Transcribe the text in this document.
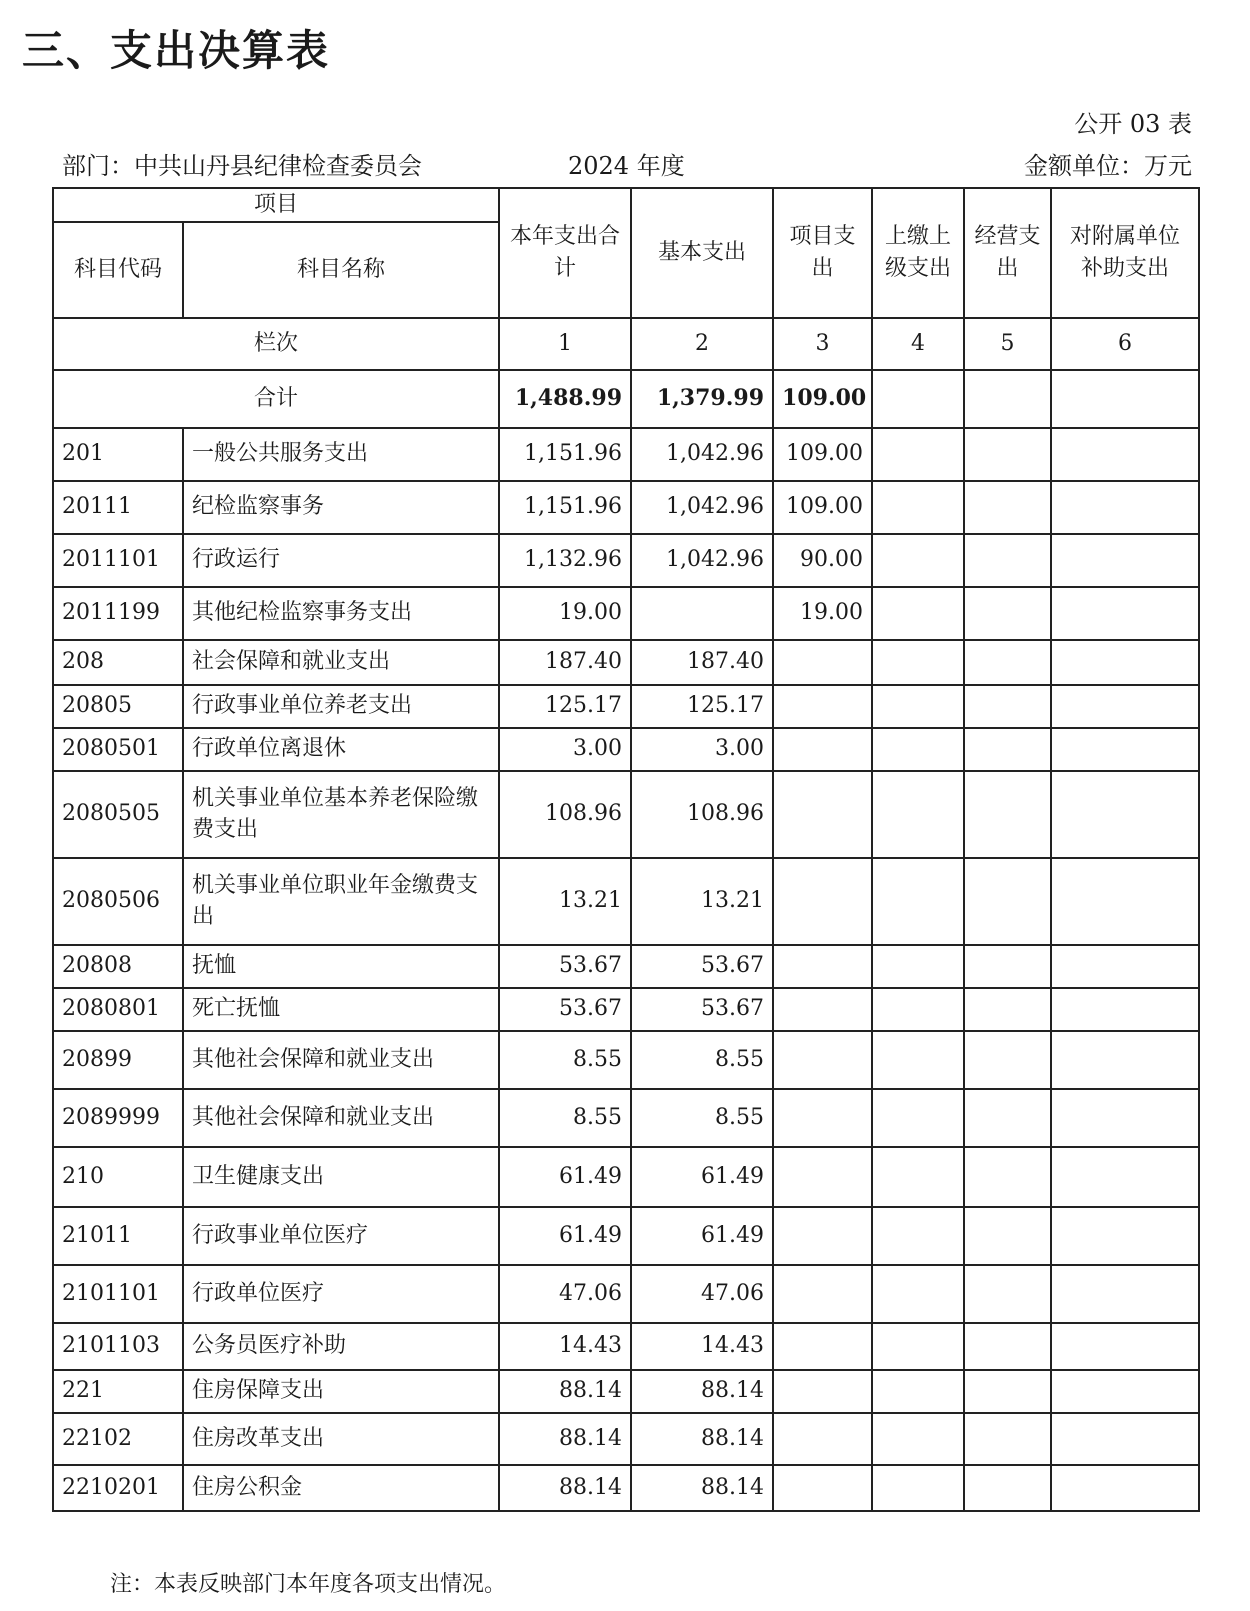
三、支出决算表
公开 03 表
部门：中共山丹县纪律检查委员会	2024 年度	金额单位：万元
项目		本年支出合计	基本支出	项目支出	上缴上级支出	经营支出	对附属单位补助支出
科目代码	科目名称						
栏次		1	2	3	4	5	6
合计		1,488.99	1,379.99	109.00			
201	一般公共服务支出	1,151.96	1,042.96	109.00			
20111	纪检监察事务	1,151.96	1,042.96	109.00			
2011101	行政运行	1,132.96	1,042.96	90.00			
2011199	其他纪检监察事务支出	19.00		19.00			
208	社会保障和就业支出	187.40	187.40				
20805	行政事业单位养老支出	125.17	125.17				
2080501	行政单位离退休	3.00	3.00				
2080505	机关事业单位基本养老保险缴费支出	108.96	108.96				
2080506	机关事业单位职业年金缴费支出	13.21	13.21				
20808	抚恤	53.67	53.67				
2080801	死亡抚恤	53.67	53.67				
20899	其他社会保障和就业支出	8.55	8.55				
2089999	其他社会保障和就业支出	8.55	8.55				
210	卫生健康支出	61.49	61.49				
21011	行政事业单位医疗	61.49	61.49				
2101101	行政单位医疗	47.06	47.06				
2101103	公务员医疗补助	14.43	14.43				
221	住房保障支出	88.14	88.14				
22102	住房改革支出	88.14	88.14				
2210201	住房公积金	88.14	88.14				
注：本表反映部门本年度各项支出情况。
